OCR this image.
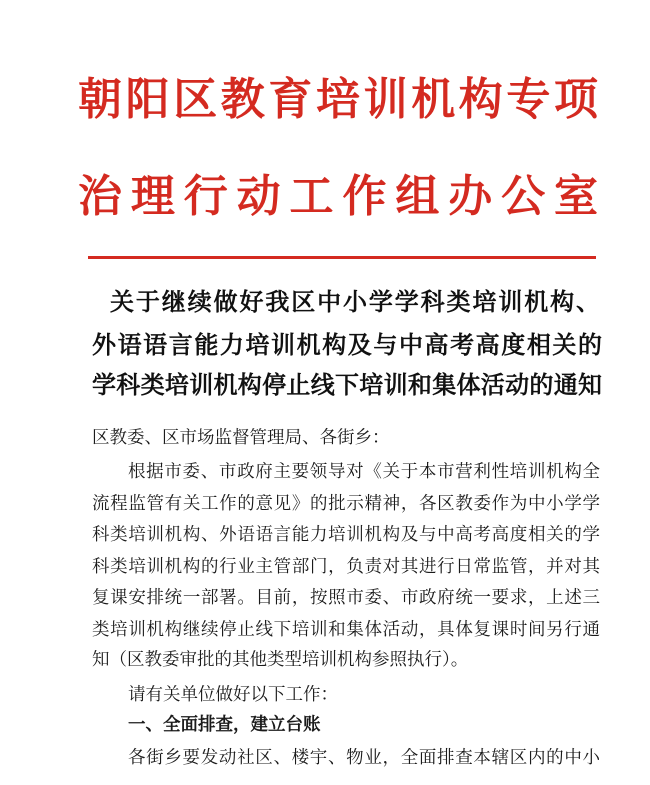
朝阳区教育培训机构专项
治理行动工作组办公室
关于继续做好我区中小学学科类培训机构、
外语语言能力培训机构及与中高考高度相关的
学科类培训机构停止线下培训和集体活动的通知
区教委、区市场监督管理局、各街乡：
根据市委、市政府主要领导对《关于本市营利性培训机构全
流程监管有关工作的意见》的批示精神，各区教委作为中小学学
科类培训机构、外语语言能力培训机构及与中高考高度相关的学
科类培训机构的行业主管部门，负责对其进行日常监管，并对其
复课安排统一部署。目前，按照市委、市政府统一要求，上述三
类培训机构继续停止线下培训和集体活动，具体复课时间另行通
知（区教委审批的其他类型培训机构参照执行）。
请有关单位做好以下工作：
一、全面排查，建立台账
各街乡要发动社区、楼宇、物业，全面排查本辖区内的中小
